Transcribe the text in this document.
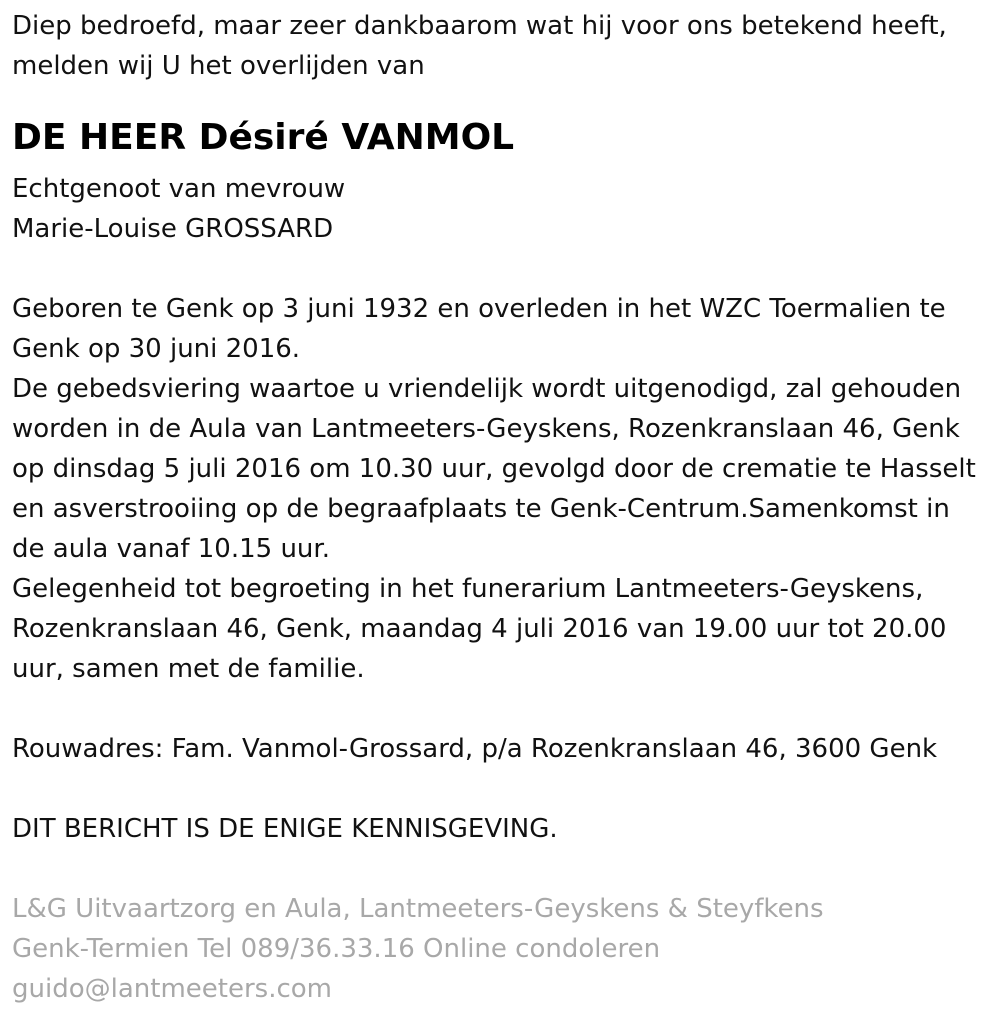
Diep bedroefd, maar zeer dankbaarom wat hij voor ons betekend heeft,

melden wij U het overlijden van

DE HEER Désiré VANMOL

Echtgenoot van mevrouw

Marie-Louise GROSSARD

Geboren te Genk op 3 juni 1932 en overleden in het WZC Toermalien te

Genk op 30 juni 2016.

De gebedsviering waartoe u vriendelijk wordt uitgenodigd, zal gehouden

worden in de Aula van Lantmeeters-Geyskens, Rozenkranslaan 46, Genk

op dinsdag 5 juli 2016 om 10.30 uur, gevolgd door de crematie te Hasselt

en asverstrooiing op de begraafplaats te Genk-Centrum.Samenkomst in

de aula vanaf 10.15 uur.

Gelegenheid tot begroeting in het funerarium Lantmeeters-Geyskens,

Rozenkranslaan 46, Genk, maandag 4 juli 2016 van 19.00 uur tot 20.00

uur, samen met de familie.

Rouwadres: Fam. Vanmol-Grossard, p/a Rozenkranslaan 46, 3600 Genk

DIT BERICHT IS DE ENIGE KENNISGEVING.

L&G Uitvaartzorg en Aula, Lantmeeters-Geyskens & Steyfkens

Genk-Termien Tel 089/36.33.16 Online condoleren

guido@lantmeeters.com
